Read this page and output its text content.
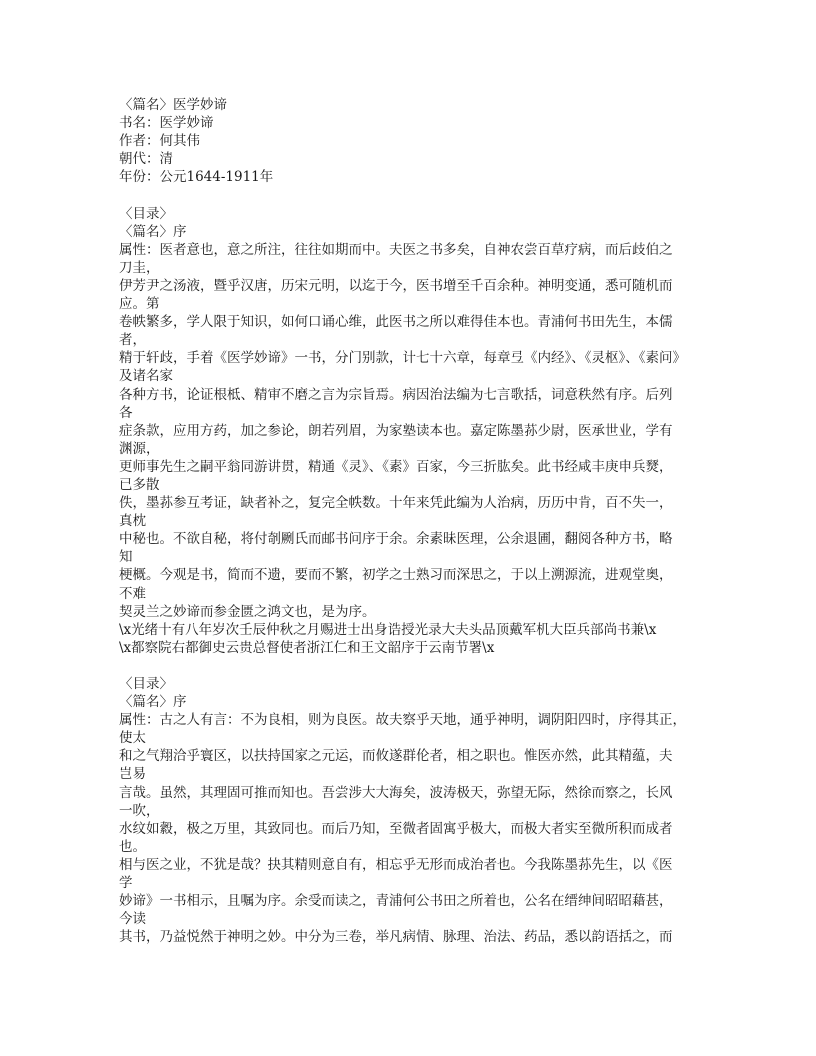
〈篇名〉医学妙谛
书名：医学妙谛
作者：何其伟
朝代：清
年份：公元1644-1911年
〈目录〉
〈篇名〉序
属性：医者意也，意之所注，往往如期而中。夫医之书多矣，自神农尝百草疗病，而后歧伯之
刀圭，
伊芳尹之汤液，暨乎汉唐，历宋元明，以迄于今，医书增至千百余种。神明变通，悉可随机而
应。第
卷帙繁多，学人限于知识，如何口诵心维，此医书之所以难得佳本也。青浦何书田先生，本儒
者，
精于轩歧，手着《医学妙谛》一书，分门别款，计七十六章，每章弖《内经》、《灵枢》、《素问》
及诸名家
各种方书，论证根柢、精审不磨之言为宗旨焉。病因治法编为七言歌括，词意秩然有序。后列
各
症条款，应用方药，加之参论，朗若列眉，为家塾读本也。嘉定陈墨荪少尉，医承世业，学有
渊源，
更师事先生之嗣平翁同游讲贯，精通《灵》、《素》百家，今三折肱矣。此书经咸丰庚申兵燹，
已多散
佚，墨荪参互考证，缺者补之，复完全帙数。十年来凭此编为人治病，历历中肯，百不失一，
真枕
中秘也。不欲自秘，将付剞劂氏而邮书问序于余。余素昧医理，公余退圃，翻阅各种方书，略
知
梗概。今观是书，简而不遗，要而不繁，初学之士熟习而深思之，于以上溯源流，进观堂奥，
不难
契灵兰之妙谛而参金匮之鸿文也，是为序。
\x光绪十有八年岁次壬辰仲秋之月赐进士出身诰授光录大夫头品顶戴军机大臣兵部尚书兼\x
\x都察院右都御史云贵总督使者浙江仁和王文韶序于云南节署\x
〈目录〉
〈篇名〉序
属性：古之人有言：不为良相，则为良医。故夫察乎天地，通乎神明，调阴阳四时，序得其正，
使太
和之气翔洽乎寰区，以扶持国家之元运，而攸遂群伦者，相之职也。惟医亦然，此其精蕴，夫
岂易
言哉。虽然，其理固可推而知也。吾尝涉大大海矣，波涛极天，弥望无际，然徐而察之，长风
一吹，
水纹如縠，极之万里，其致同也。而后乃知，至微者固寓乎极大，而极大者实至微所积而成者
也。
相与医之业，不犹是哉？抉其精则意自有，相忘乎无形而成治者也。今我陈墨荪先生，以《医
学
妙谛》一书相示，且嘱为序。余受而读之，青浦何公书田之所着也，公名在缙绅间昭昭藉甚，
今读
其书，乃益悦然于神明之妙。中分为三卷，举凡病情、脉理、治法、药品，悉以韵语括之，而
